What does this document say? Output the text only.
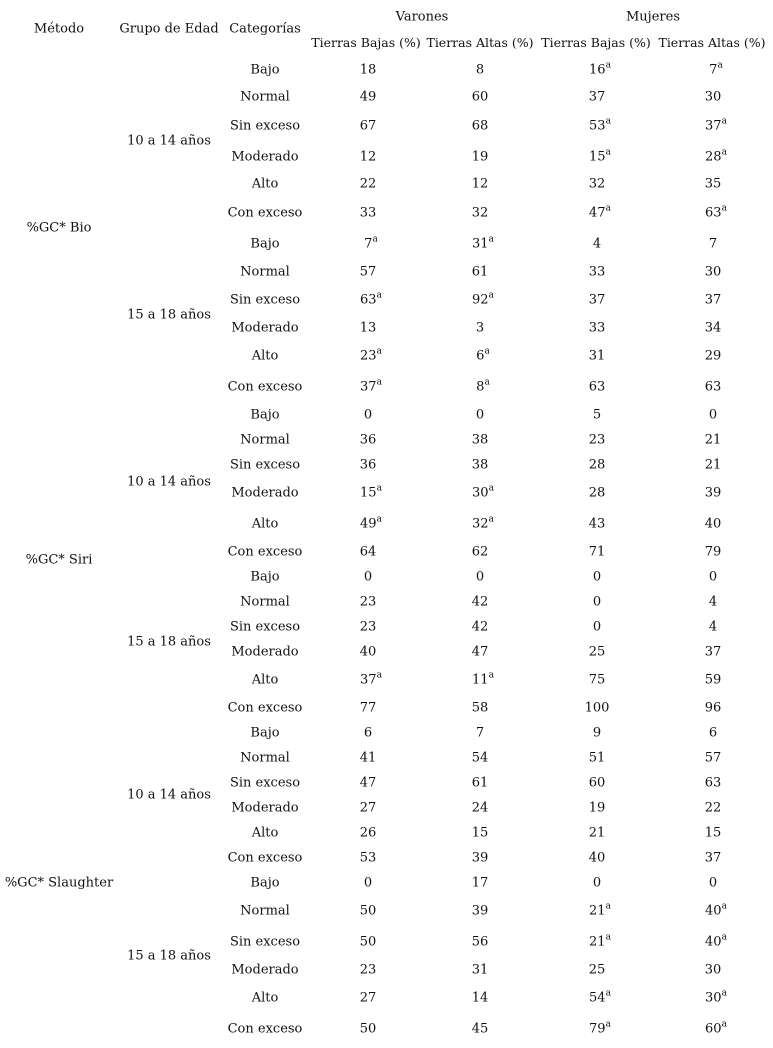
Método	Grupo de Edad Categorías
Varones	Mujeres
Tierras Bajas (%) Tierras Altas (%) Tierras Bajas (%) Tierras Altas (%)
%GC* Bio
10 a 14 años
Bajo	18	8	16$^a$	7$^a$
Normal	49	60	37	30
Sin exceso	67	68	53$^a$	37$^a$
Moderado	12	19	15$^a$	28$^a$
Alto	22	12	32	35
Con exceso	33	32	47$^a$	63$^a$
15 a 18 años
Bajo	7$^a$	31$^a$	4	7
Normal	57	61	33	30
Sin exceso	63$^a$	92$^a$	37	37
Moderado	13	3	33	34
Alto	23$^a$	6$^a$	31	29
Con exceso	37$^a$	8$^a$	63	63
%GC* Siri
10 a 14 años
Bajo	0	0	5	0
Normal	36	38	23	21
Sin exceso	36	38	28	21
Moderado	15$^a$	30$^a$	28	39
Alto	49$^a$	32$^a$	43	40
Con exceso	64	62	71	79
15 a 18 años
Bajo	0	0	0	0
Normal	23	42	0	4
Sin exceso	23	42	0	4
Moderado	40	47	25	37
Alto	37$^a$	11$^a$	75	59
Con exceso	77	58	100	96
%GC* Slaughter
10 a 14 años
Bajo	6	7	9	6
Normal	41	54	51	57
Sin exceso	47	61	60	63
Moderado	27	24	19	22
Alto	26	15	21	15
Con exceso	53	39	40	37
15 a 18 años
Bajo	0	17	0	0
Normal	50	39	21$^a$	40$^a$
Sin exceso	50	56	21$^a$	40$^a$
Moderado	23	31	25	30
Alto	27	14	54$^a$	30$^a$
Con exceso	50	45	79$^a$	60$^a$
